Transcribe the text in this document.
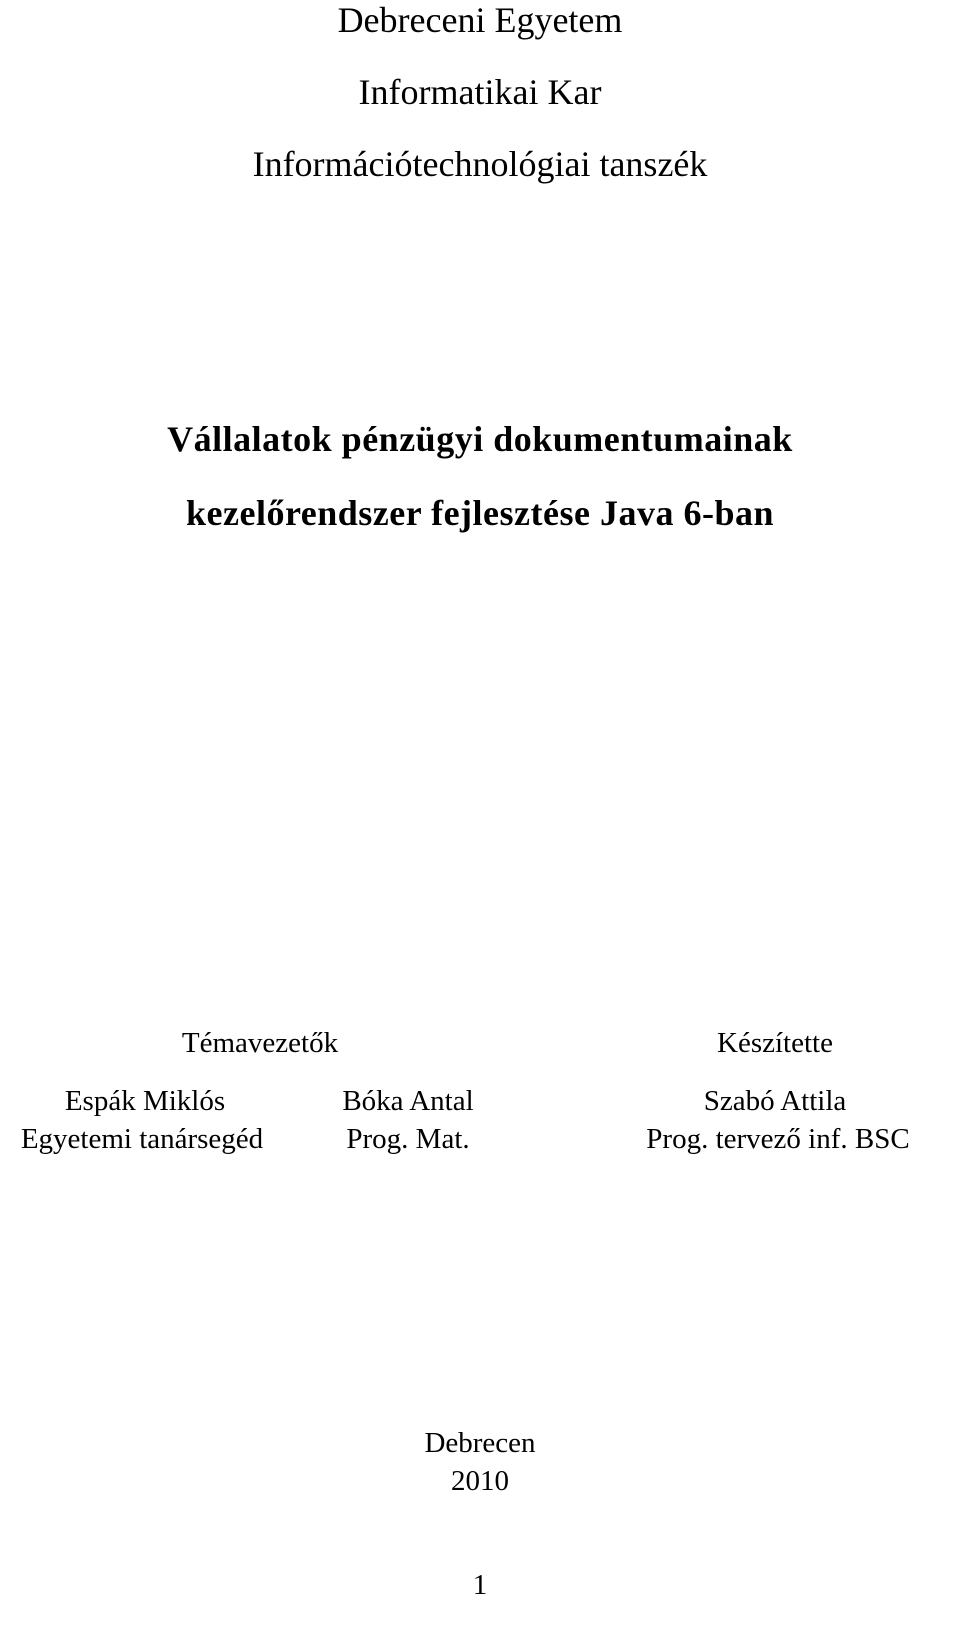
Debreceni Egyetem
Informatikai Kar
Információtechnológiai tanszék
Vállalatok pénzügyi dokumentumainak
kezelőrendszer fejlesztése Java 6-ban
Témavezetők
Espák Miklós
Egyetemi tanársegéd
Bóka Antal
Prog. Mat.
Készítette
Szabó Attila
Prog. tervező inf. BSC
Debrecen
2010
1
